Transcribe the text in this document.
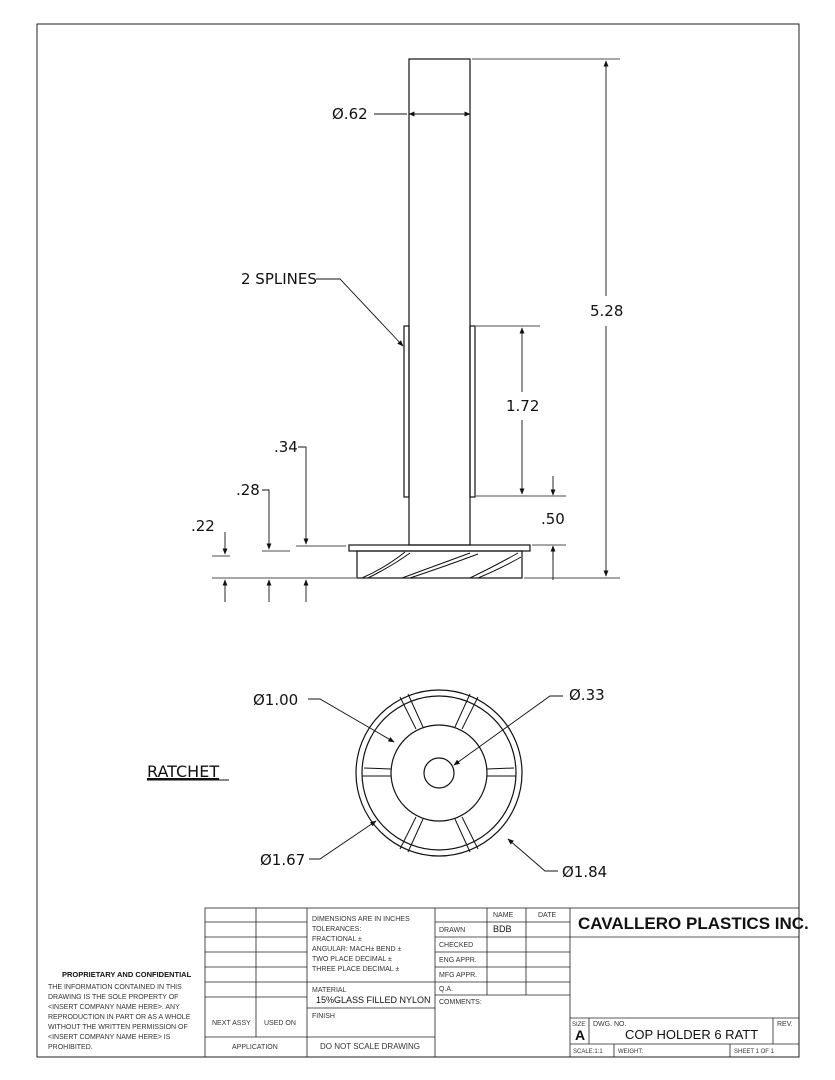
Ø.62
2 SPLINES
5.28
1.72
.34
.28
.22	.50
Ø1.00	Ø.33
Ø1.67
Ø1.84
RATCHET
PROPRIETARY AND CONFIDENTIAL
THE INFORMATION CONTAINED IN THIS
DRAWING IS THE SOLE PROPERTY OF
<INSERT COMPANY NAME HERE>. ANY
REPRODUCTION IN PART OR AS A WHOLE
WITHOUT THE WRITTEN PERMISSION OF
<INSERT COMPANY NAME HERE> IS
PROHIBITED.
NEXT ASSY USED ON
APPLICATION
DIMENSIONS ARE IN INCHES
TOLERANCES:
FRACTIONAL ±
ANGULAR: MACH± BEND ±
TWO PLACE DECIMAL ±
THREE PLACE DECIMAL ±
MATERIAL
15%GLASS FILLED NYLON
FINISH
DO NOT SCALE DRAWING
NAME	DATE
DRAWN	BDB
CHECKED
ENG APPR.
MFG APPR.
Q.A.
COMMENTS:
CAVALLERO PLASTICS INC.
SIZE
A
DWG. NO.
COP HOLDER 6 RATT
REV.
SCALE:1:1	WEIGHT:	SHEET 1 OF 1
